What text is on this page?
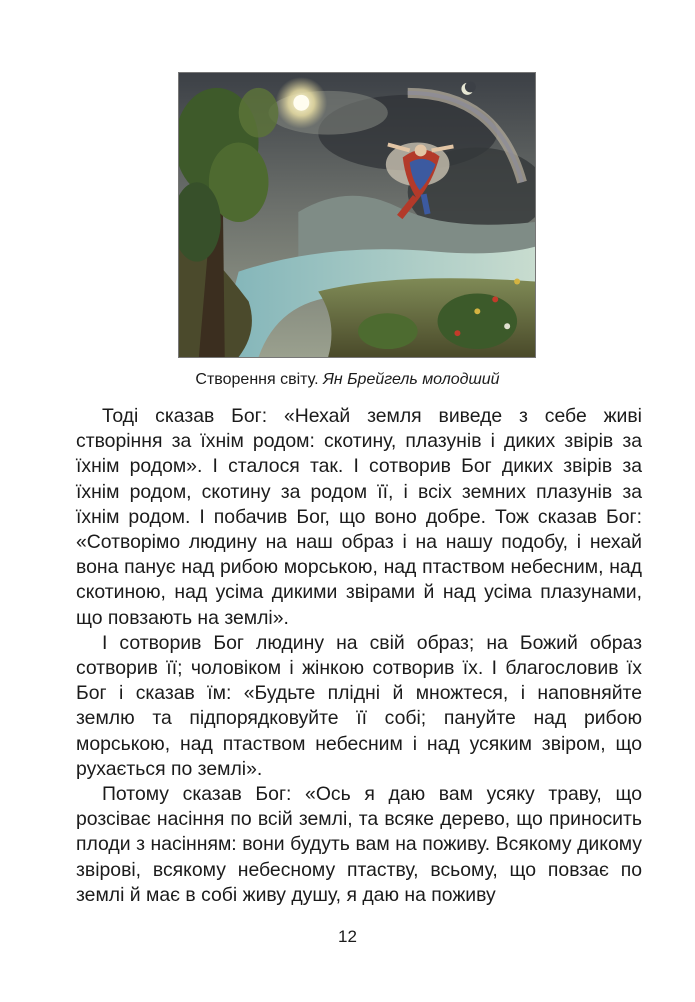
Створення світу. Ян Брейгель молодший

Тоді сказав Бог: «Нехай земля виведе з себе живі створіння за їхнім родом: скотину, плазунів і диких звірів за їхнім родом». І сталося так. І сотворив Бог диких звірів за їхнім родом, скотину за родом її, і всіх земних плазунів за їхнім родом. І побачив Бог, що воно добре. Тож сказав Бог: «Сотворімо людину на наш образ і на нашу подобу, і нехай вона панує над рибою морською, над птаством небесним, над скотиною, над усіма дикими звірами й над усіма плазунами, що повзають на землі».

І сотворив Бог людину на свій образ; на Божий образ сотворив її; чоловіком і жінкою сотворив їх. І благословив їх Бог і сказав їм: «Будьте плідні й множтеся, і наповняйте землю та підпорядковуйте її собі; пануйте над рибою морською, над птаством небесним і над усяким звіром, що рухається по землі».

Потому сказав Бог: «Ось я даю вам усяку траву, що розсіває насіння по всій землі, та всяке дерево, що приносить плоди з насінням: вони будуть вам на поживу. Всякому дикому звірові, всякому небесному птаству, всьому, що повзає по землі й має в собі живу душу, я даю на поживу

12
